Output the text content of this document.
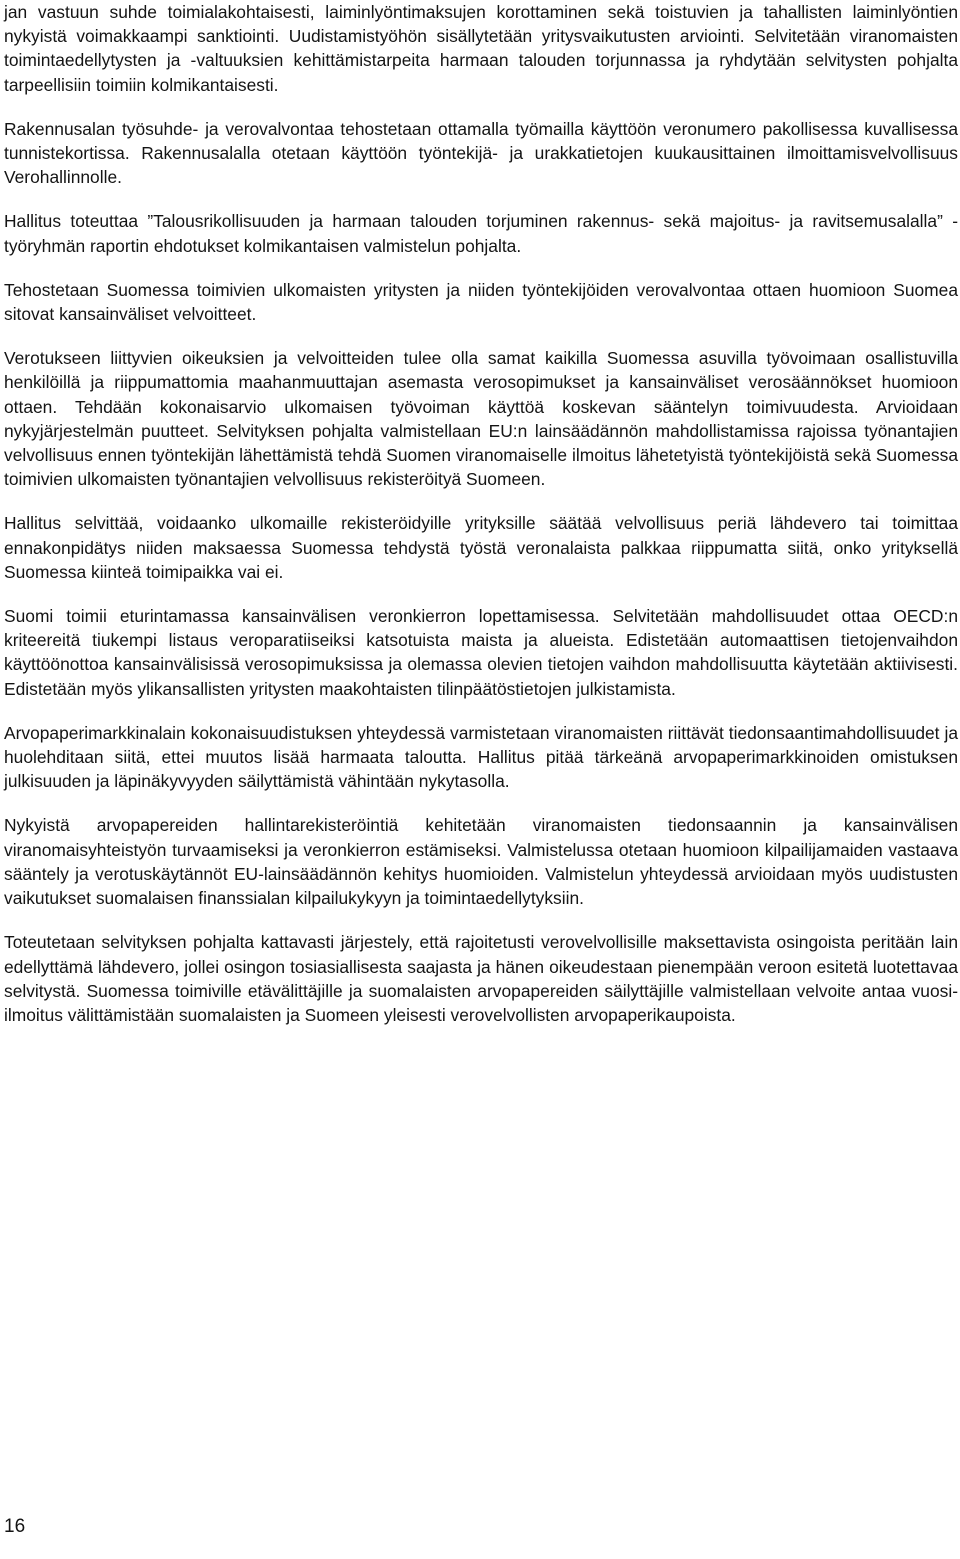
jan vastuun suhde toimialakohtaisesti, laiminlyöntimaksujen korottaminen sekä toistuvien ja tahallisten laiminlyöntien nykyistä voimakkaampi sanktiointi. Uudistamistyöhön sisällytetään yritysvaikutusten arviointi. Selvitetään viranomaisten toimintaedellytysten ja -valtuuksien kehittämistarpeita harmaan talouden torjunnassa ja ryhdytään selvitysten pohjalta tarpeellisiin toimiin kolmikantaisesti.

Rakennusalan työsuhde- ja verovalvontaa tehostetaan ottamalla työmailla käyttöön veronumero pakollisessa kuvallisessa tunnistekortissa. Rakennusalalla otetaan käyttöön työntekijä- ja urakkatietojen kuukausittainen ilmoittamisvelvollisuus Verohallinnolle.

Hallitus toteuttaa ”Talousrikollisuuden ja harmaan talouden torjuminen rakennus- sekä majoitus- ja ravitsemusalalla” -työryhmän raportin ehdotukset kolmikantaisen valmistelun pohjalta.

Tehostetaan Suomessa toimivien ulkomaisten yritysten ja niiden työntekijöiden verovalvontaa ottaen huomioon Suomea sitovat kansainväliset velvoitteet.

Verotukseen liittyvien oikeuksien ja velvoitteiden tulee olla samat kaikilla Suomessa asuvilla työvoimaan osallistuvilla henkilöillä ja riippumattomia maahanmuuttajan asemasta verosopimukset ja kansainväliset verosäännökset huomioon ottaen. Tehdään kokonaisarvio ulkomaisen työvoiman käyttöä koskevan sääntelyn toimivuudesta. Arvioidaan nykyjärjestelmän puutteet. Selvityksen pohjalta valmistellaan EU:n lainsäädännön mahdollistamissa rajoissa työnantajien velvollisuus ennen työntekijän lähettämistä tehdä Suomen viranomaiselle ilmoitus lähetetyistä työntekijöistä sekä Suomessa toimivien ulkomaisten työnantajien velvollisuus rekisteröityä Suomeen.

Hallitus selvittää, voidaanko ulkomaille rekisteröidyille yrityksille säätää velvollisuus periä lähdevero tai toimittaa ennakonpidätys niiden maksaessa Suomessa tehdystä työstä veronalaista palkkaa riippumatta siitä, onko yrityksellä Suomessa kiinteä toimipaikka vai ei.

Suomi toimii eturintamassa kansainvälisen veronkierron lopettamisessa. Selvitetään mahdollisuudet ottaa OECD:n kriteereitä tiukempi listaus veroparatiiseiksi katsotuista maista ja alueista. Edistetään automaattisen tietojenvaihdon käyttöönottoa kansainvälisissä verosopimuksissa ja olemassa olevien tietojen vaihdon mahdollisuutta käytetään aktiivisesti. Edistetään myös ylikansallisten yritysten maakohtaisten tilinpäätöstietojen julkistamista.

Arvopaperimarkkinalain kokonaisuudistuksen yhteydessä varmistetaan viranomaisten riittävät tiedonsaantimahdollisuudet ja huolehditaan siitä, ettei muutos lisää harmaata taloutta. Hallitus pitää tärkeänä arvopaperimarkkinoiden omistuksen julkisuuden ja läpinäkyvyyden säilyttämistä vähintään nykytasolla.

Nykyistä arvopapereiden hallintarekisteröintiä kehitetään viranomaisten tiedonsaannin ja kansainvälisen viranomaisyhteistyön turvaamiseksi ja veronkierron estämiseksi. Valmistelussa otetaan huomioon kilpailijamaiden vastaava sääntely ja verotuskäytännöt EU-lainsäädännön kehitys huomioiden. Valmistelun yhteydessä arvioidaan myös uudistusten vaikutukset suomalaisen finanssialan kilpailukykyyn ja toimintaedellytyksiin.

Toteutetaan selvityksen pohjalta kattavasti järjestely, että rajoitetusti verovelvollisille maksettavista osingoista peritään lain edellyttämä lähdevero, jollei osingon tosiasiallisesta saajasta ja hänen oikeudestaan pienempään veroon esitetä luotettavaa selvitystä. Suomessa toimiville etävälittäjille ja suomalaisten arvopapereiden säilyttäjille valmistellaan velvoite antaa vuosi-ilmoitus välittämistään suomalaisten ja Suomeen yleisesti verovelvollisten arvopaperikaupoista.

16
